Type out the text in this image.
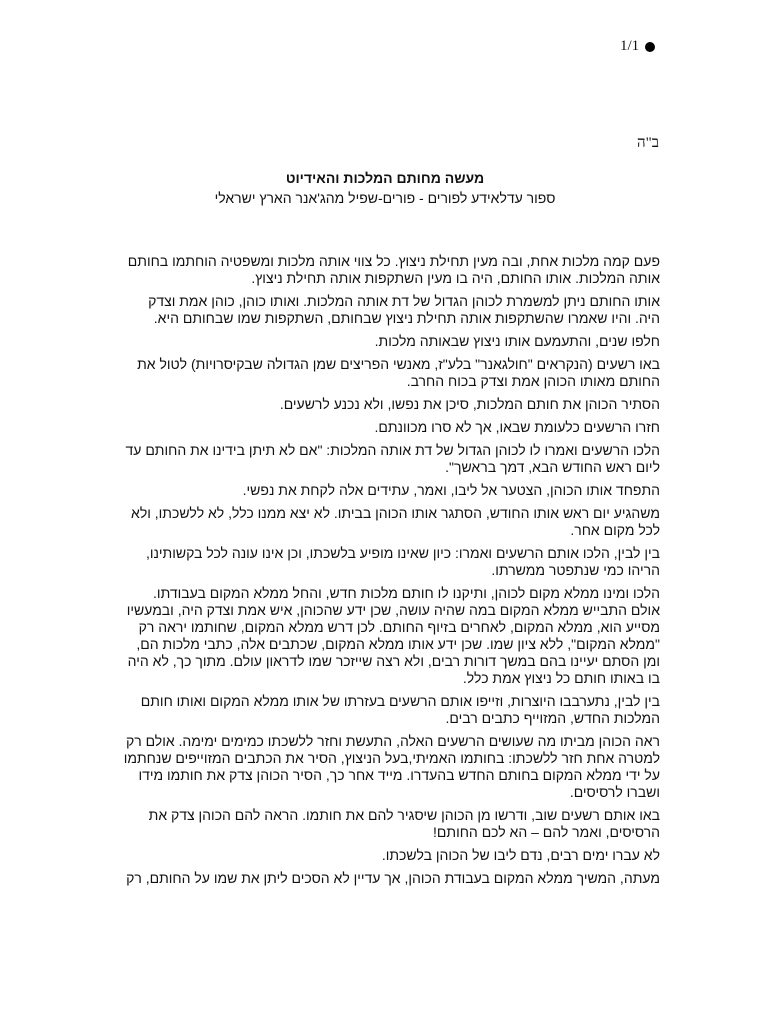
1/1
ב"ה

מעשה מחותם המלכות והאידיוט

ספור עדלאידע לפורים - פורים-שפיל מהג'אנר הארץ ישראלי

פעם קמה מלכות אחת, ובה מעין תחילת ניצוץ. כל צווי אותה מלכות ומשפטיה הוחתמו בחותם אותה המלכות. אותו החותם, היה בו מעין השתקפות אותה תחילת ניצוץ.

אותו החותם ניתן למשמרת לכוהן הגדול של דת אותה המלכות. ואותו כוהן, כוהן אמת וצדק היה. והיו שאמרו שהשתקפות אותה תחילת ניצוץ שבחותם, השתקפות שמו שבחותם היא.

חלפו שנים, והתעמעם אותו ניצוץ שבאותה מלכות.

באו רשעים (הנקראים "חולגאנר" בלע"ז, מאנשי הפריצים שמן הגדולה שבקיסרויות) לטול את החותם מאותו הכוהן אמת וצדק בכוח החרב.

הסתיר הכוהן את חותם המלכות, סיכן את נפשו, ולא נכנע לרשעים.

חזרו הרשעים כלעומת שבאו, אך לא סרו מכוונתם.

הלכו הרשעים ואמרו לו לכוהן הגדול של דת אותה המלכות: "אם לא תיתן בידינו את החותם עד ליום ראש החודש הבא, דמך בראשך".

התפחד אותו הכוהן, הצטער אל ליבו, ואמר, עתידים אלה לקחת את נפשי.

משהגיע יום ראש אותו החודש, הסתגר אותו הכוהן בביתו. לא יצא ממנו כלל, לא ללשכתו, ולא לכל מקום אחר.

בין לבין, הלכו אותם הרשעים ואמרו: כיון שאינו מופיע בלשכתו, וכן אינו עונה לכל בקשותינו, הריהו כמי שנתפטר ממשרתו.

הלכו ומינו ממלא מקום לכוהן, ותיקנו לו חותם מלכות חדש, והחל ממלא המקום בעבודתו. אולם התבייש ממלא המקום במה שהיה עושה, שכן ידע שהכוהן, איש אמת וצדק היה, ובמעשיו מסייע הוא, ממלא המקום, לאחרים בזיוף החותם. לכן דרש ממלא המקום, שחותמו יראה רק "ממלא המקום", ללא ציון שמו. שכן ידע אותו ממלא המקום, שכתבים אלה, כתבי מלכות הם, ומן הסתם יעיינו בהם במשך דורות רבים, ולא רצה שייזכר שמו לדראון עולם. מתוך כך, לא היה בו באותו חותם כל ניצוץ אמת כלל.

בין לבין, נתערבבו היוצרות, וזייפו אותם הרשעים בעזרתו של אותו ממלא המקום ואותו חותם המלכות החדש, המזוייף כתבים רבים.

ראה הכוהן מביתו מה שעושים הרשעים האלה, התעשת וחזר ללשכתו כמימים ימימה. אולם רק למטרה אחת חזר ללשכתו: בחותמו האמיתי,בעל הניצוץ, הסיר את הכתבים המזוייפים שנחתמו על ידי ממלא המקום בחותם החדש בהעדרו. מייד אחר כך, הסיר הכוהן צדק את חותמו מידו ושברו לרסיסים.

באו אותם רשעים שוב, ודרשו מן הכוהן שיסגיר להם את חותמו. הראה להם הכוהן צדק את הרסיסים, ואמר להם – הא לכם החותם!

לא עברו ימים רבים, נדם ליבו של הכוהן בלשכתו.

מעתה, המשיך ממלא המקום בעבודת הכוהן, אך עדיין לא הסכים ליתן את שמו על החותם, רק
